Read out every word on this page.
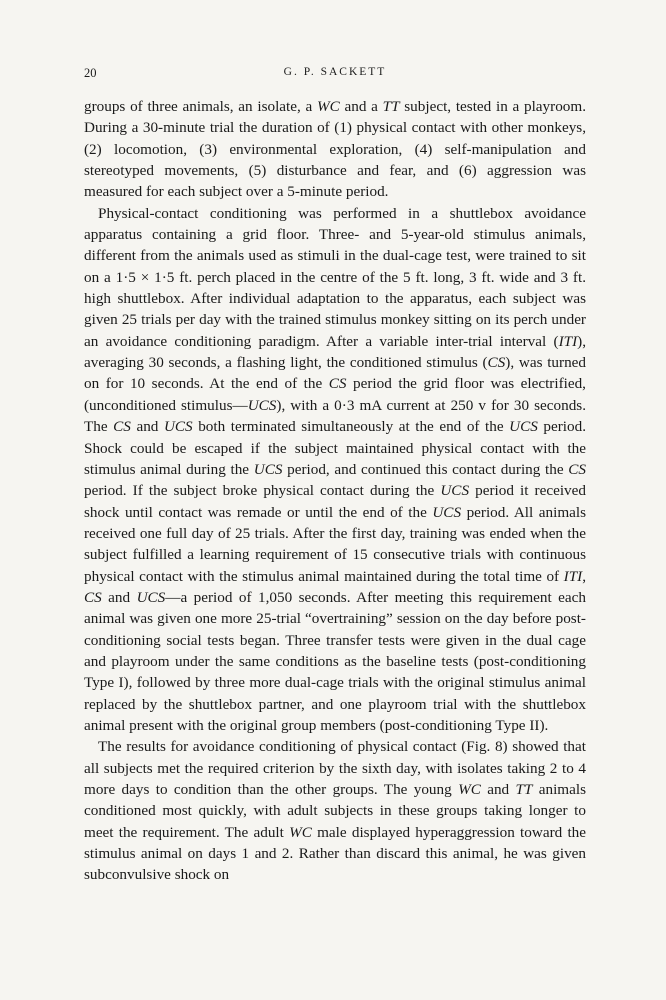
20	G. P. SACKETT

groups of three animals, an isolate, a WC and a TT subject, tested in a playroom. During a 30-minute trial the duration of (1) physical contact with other monkeys, (2) locomotion, (3) environmental exploration, (4) self-manipulation and stereotyped movements, (5) disturbance and fear, and (6) aggression was measured for each subject over a 5-minute period.

Physical-contact conditioning was performed in a shuttlebox avoidance apparatus containing a grid floor. Three- and 5-year-old stimulus animals, different from the animals used as stimuli in the dual-cage test, were trained to sit on a 1·5 × 1·5 ft. perch placed in the centre of the 5 ft. long, 3 ft. wide and 3 ft. high shuttlebox. After individual adaptation to the apparatus, each subject was given 25 trials per day with the trained stimulus monkey sitting on its perch under an avoidance conditioning paradigm. After a variable inter-trial interval (ITI), averaging 30 seconds, a flashing light, the conditioned stimulus (CS), was turned on for 10 seconds. At the end of the CS period the grid floor was electrified, (unconditioned stimulus—UCS), with a 0·3 mA current at 250 v for 30 seconds. The CS and UCS both terminated simultaneously at the end of the UCS period. Shock could be escaped if the subject maintained physical contact with the stimulus animal during the UCS period, and continued this contact during the CS period. If the subject broke physical contact during the UCS period it received shock until contact was remade or until the end of the UCS period. All animals received one full day of 25 trials. After the first day, training was ended when the subject fulfilled a learning requirement of 15 consecutive trials with continuous physical contact with the stimulus animal maintained during the total time of ITI, CS and UCS—a period of 1,050 seconds. After meeting this requirement each animal was given one more 25-trial “overtraining” session on the day before post-conditioning social tests began. Three transfer tests were given in the dual cage and playroom under the same conditions as the baseline tests (post-conditioning Type I), followed by three more dual-cage trials with the original stimulus animal replaced by the shuttlebox partner, and one playroom trial with the shuttlebox animal present with the original group members (post-conditioning Type II).

The results for avoidance conditioning of physical contact (Fig. 8) showed that all subjects met the required criterion by the sixth day, with isolates taking 2 to 4 more days to condition than the other groups. The young WC and TT animals conditioned most quickly, with adult subjects in these groups taking longer to meet the requirement. The adult WC male displayed hyperaggression toward the stimulus animal on days 1 and 2. Rather than discard this animal, he was given subconvulsive shock on
